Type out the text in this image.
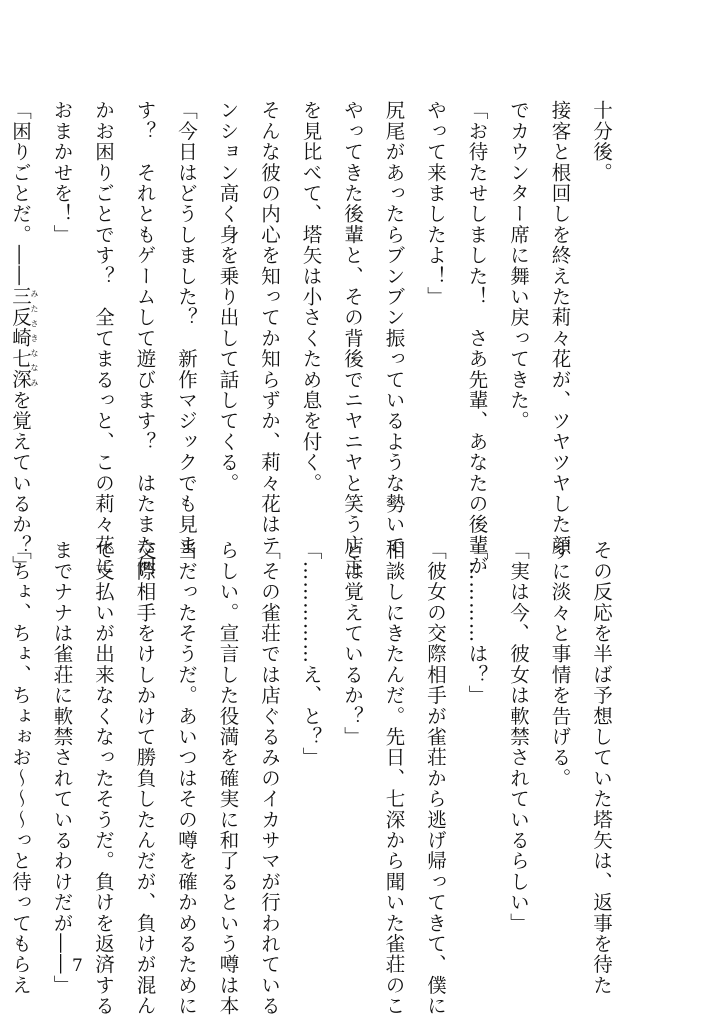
十分後。
接客と根回しを終えた莉々花が、ツヤツヤした顔
でカウンター席に舞い戻ってきた。
「お待たせしました！　さあ先輩、あなたの後輩が
やって来ましたよ！」
尻尾があったらブンブン振っているような勢いで
やってきた後輩と、その背後でニヤニヤと笑う店主
を見比べて、塔矢は小さくため息を付く。
そんな彼の内心を知ってか知らずか、莉々花はテ
ンション高く身を乗り出して話してくる。
「今日はどうしました？　新作マジックでも見ま
す？　それともゲームして遊びます？　はたまた何
かお困りごとです？　全てまるっと、この莉々花に
おまかせを！」
「困りごとだ。――三反崎七深みたさきななみを覚えているか？」
その反応を半ば予想していた塔矢は、返事を待た
ずに淡々と事情を告げる。
「実は今、彼女は軟禁されているらしい」
「…………は？」
「彼女の交際相手が雀荘から逃げ帰ってきて、僕に
相談しにきたんだ。先日、七深から聞いた雀荘のこ
とは覚えているか？」
「……………え、と？」
「その雀荘では店ぐるみのイカサマが行われている
らしい。宣言した役満を確実に和了るという噂は本
当だったそうだ。あいつはその噂を確かめるために
交際相手をけしかけて勝負したんだが、負けが混ん
で支払いが出来なくなったそうだ。負けを返済する
までナナは雀荘に軟禁されているわけだが――」
「ちょ、ちょ、ちょぉお～～～っと待ってもらえ	7
